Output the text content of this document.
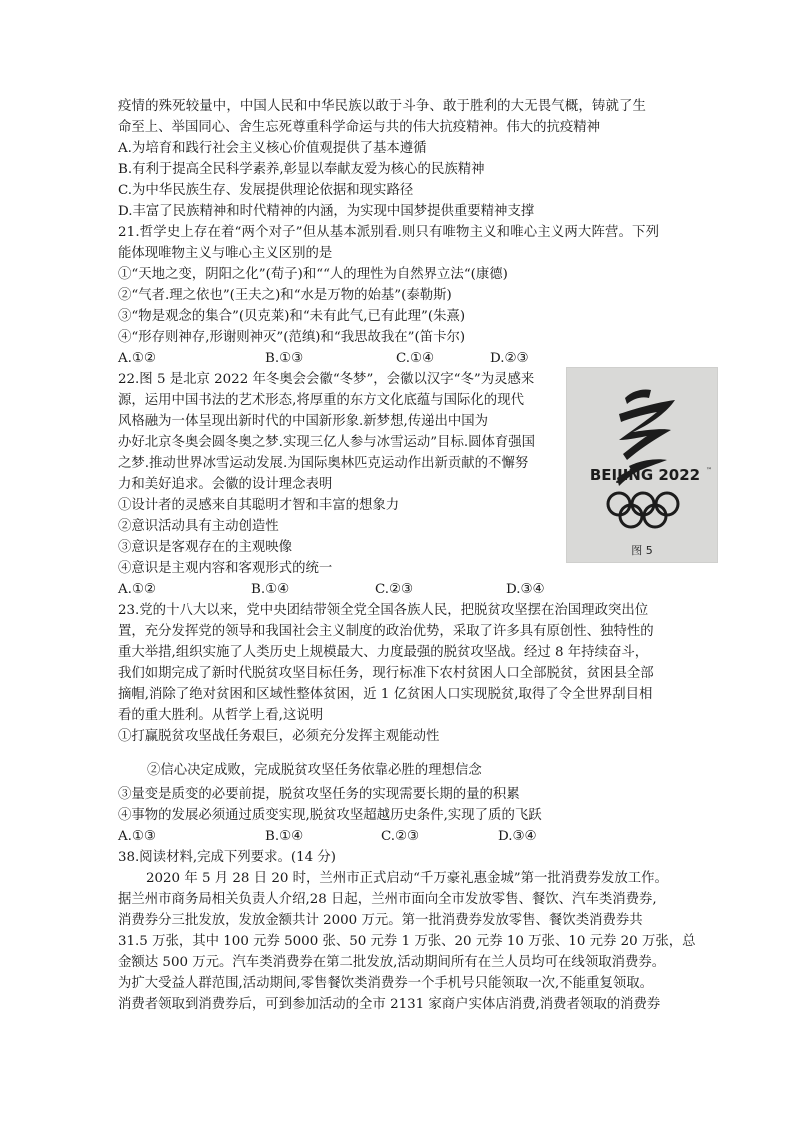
疫情的殊死较量中，中国人民和中华民族以敢于斗争、敢于胜利的大无畏气概，铸就了生
命至上、举国同心、舍生忘死尊重科学命运与共的伟大抗疫精神。伟大的抗疫精神
A.为培育和践行社会主义核心价值观提供了基本遵循
B.有利于提高全民科学素养,彰显以奉献友爱为核心的民族精神
C.为中华民族生存、发展提供理论依据和现实路径
D.丰富了民族精神和时代精神的内涵，为实现中国梦提供重要精神支撑
21.哲学史上存在着“两个对子”但从基本派别看.则只有唯物主义和唯心主义两大阵营。下列
能体现唯物主义与唯心主义区别的是
①“天地之变，阴阳之化”(荀子)和““人的理性为自然界立法“(康德)
②“气者.理之依也”(王夫之)和“水是万物的始基”(泰勒斯)
③“物是观念的集合”(贝克莱)和“未有此气,已有此理”(朱熹)
④“形存则神存,形谢则神灭”(范缜)和“我思故我在”(笛卡尔)
A.①②	B.①③	C.①④	D.②③
22.图 5 是北京 2022 年冬奥会会徽“冬梦”，会徽以汉字“冬”为灵感来
源，运用中国书法的艺术形态,将厚重的东方文化底蕴与国际化的现代
风格融为一体呈现出新时代的中国新形象.新梦想,传递出中国为
办好北京冬奥会圆冬奥之梦.实现三亿人参与冰雪运动”目标.圆体育强国
之梦.推动世界冰雪运动发展.为国际奥林匹克运动作出新贡献的不懈努
力和美好追求。会徽的设计理念表明
①设计者的灵感来自其聪明才智和丰富的想象力
②意识活动具有主动创造性
③意识是客观存在的主观映像
④意识是主观内容和客观形式的统一
A.①②	B.①④	C.②③	D.③④
BEIJING 2022 ™
图 5
23.党的十八大以来，党中央团结带领全党全国各族人民，把脱贫攻坚摆在治国理政突出位
置，充分发挥党的领导和我国社会主义制度的政治优势，采取了许多具有原创性、独特性的
重大举措,组织实施了人类历史上规模最大、力度最强的脱贫攻坚战。经过 8 年持续奋斗，
我们如期完成了新时代脱贫攻坚目标任务，现行标准下农村贫困人口全部脱贫，贫困县全部
摘帽,消除了绝对贫困和区域性整体贫困，近 1 亿贫困人口实现脱贫,取得了令全世界刮目相
看的重大胜利。从哲学上看,这说明
①打赢脱贫攻坚战任务艰巨，必须充分发挥主观能动性
②信心决定成败，完成脱贫攻坚任务依靠必胜的理想信念
③量变是质变的必要前提，脱贫攻坚任务的实现需要长期的量的积累
④事物的发展必须通过质变实现,脱贫攻坚超越历史条件,实现了质的飞跃
A.①③	B.①④	C.②③	D.③④
38.阅读材料,完成下列要求。(14 分)
2020 年 5 月 28 日 20 时，兰州市正式启动“千万豪礼惠金城”第一批消费券发放工作。
据兰州市商务局相关负责人介绍,28 日起，兰州市面向全市发放零售、餐饮、汽车类消费券,
消费券分三批发放，发放金额共计 2000 万元。第一批消费券发放零售、餐饮类消费券共
31.5 万张，其中 100 元券 5000 张、50 元券 1 万张、20 元券 10 万张、10 元券 20 万张，总
金额达 500 万元。汽车类消费券在第二批发放,活动期间所有在兰人员均可在线领取消费券。
为扩大受益人群范围,活动期间,零售餐饮类消费券一个手机号只能领取一次,不能重复领取。
消费者领取到消费券后，可到参加活动的全市 2131 家商户实体店消费,消费者领取的消费券
